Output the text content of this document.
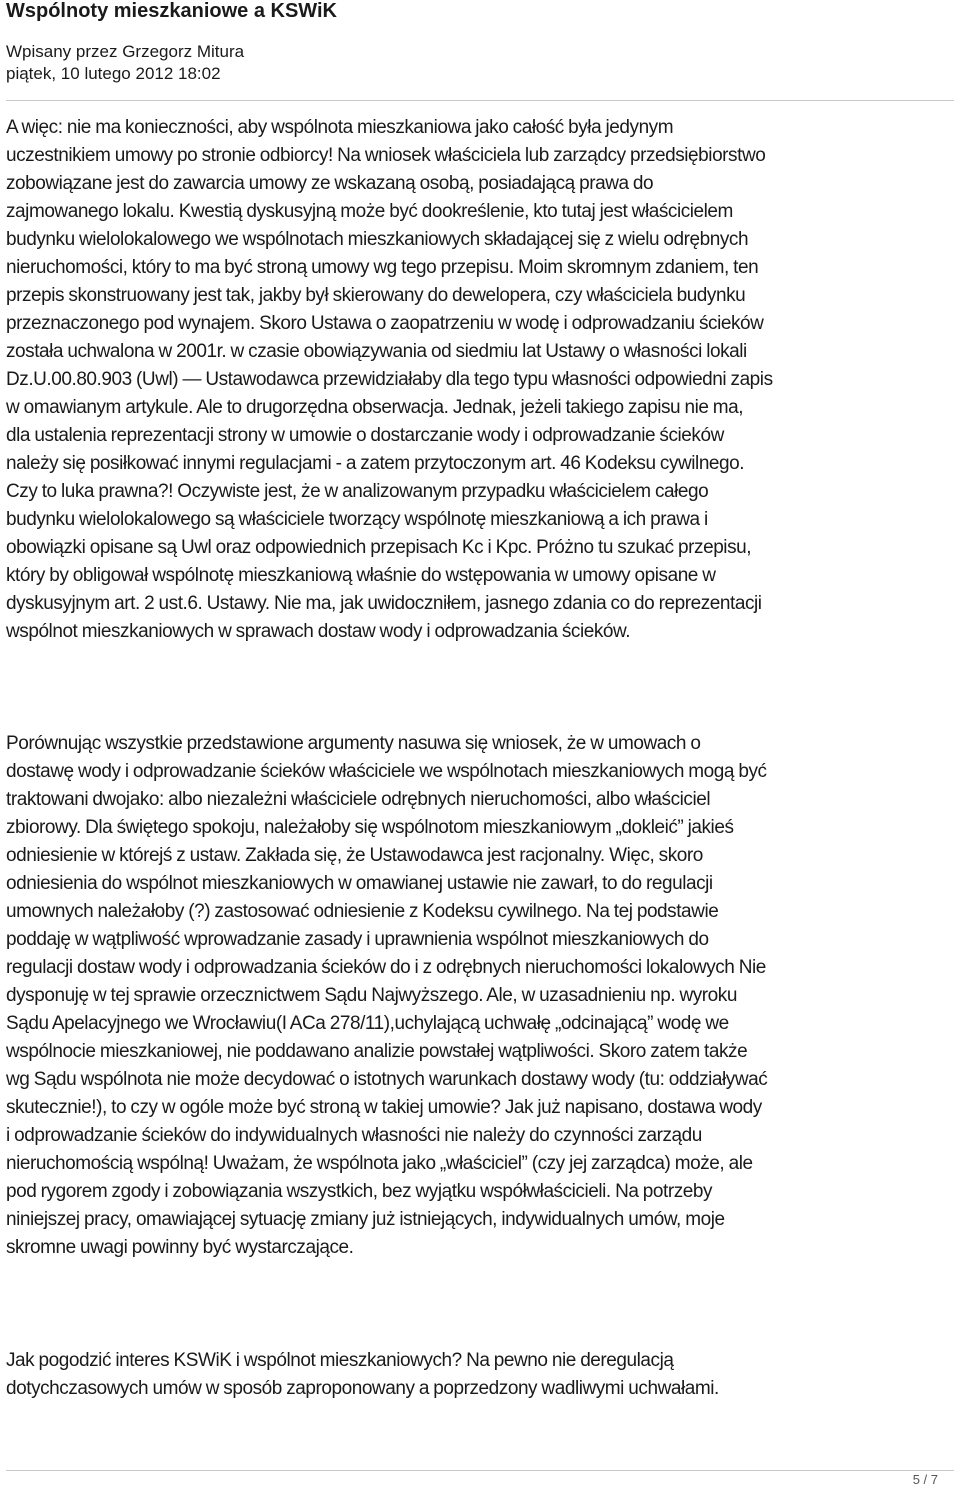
Wspólnoty mieszkaniowe a KSWiK
Wpisany przez Grzegorz Mitura
piątek, 10 lutego 2012 18:02

A więc: nie ma konieczności, aby wspólnota mieszkaniowa jako całość była jedynym
uczestnikiem umowy po stronie odbiorcy! Na wniosek właściciela lub zarządcy przedsiębiorstwo
zobowiązane jest do zawarcia umowy ze wskazaną osobą, posiadającą prawa do
zajmowanego lokalu. Kwestią dyskusyjną może być dookreślenie, kto tutaj jest właścicielem
budynku wielolokalowego we wspólnotach mieszkaniowych składającej się z wielu odrębnych
nieruchomości, który to ma być stroną umowy wg tego przepisu. Moim skromnym zdaniem, ten
przepis skonstruowany jest tak, jakby był skierowany do dewelopera, czy właściciela budynku
przeznaczonego pod wynajem. Skoro Ustawa o zaopatrzeniu w wodę i odprowadzaniu ścieków
została uchwalona w 2001r. w czasie obowiązywania od siedmiu lat Ustawy o własności lokali
Dz.U.00.80.903 (Uwl) ― Ustawodawca przewidziałaby dla tego typu własności odpowiedni zapis
w omawianym artykule. Ale to drugorzędna obserwacja. Jednak, jeżeli takiego zapisu nie ma,
dla ustalenia reprezentacji strony w umowie o dostarczanie wody i odprowadzanie ścieków
należy się posiłkować innymi regulacjami - a zatem przytoczonym art. 46 Kodeksu cywilnego.
Czy to luka prawna?! Oczywiste jest, że w analizowanym przypadku właścicielem całego
budynku wielolokalowego są właściciele tworzący wspólnotę mieszkaniową a ich prawa i
obowiązki opisane są Uwl oraz odpowiednich przepisach Kc i Kpc. Próżno tu szukać przepisu,
który by obligował wspólnotę mieszkaniową właśnie do wstępowania w umowy opisane w
dyskusyjnym art. 2 ust.6. Ustawy. Nie ma, jak uwidoczniłem, jasnego zdania co do reprezentacji
wspólnot mieszkaniowych w sprawach dostaw wody i odprowadzania ścieków.

Porównując wszystkie przedstawione argumenty nasuwa się wniosek, że w umowach o
dostawę wody i odprowadzanie ścieków właściciele we wspólnotach mieszkaniowych mogą być
traktowani dwojako: albo niezależni właściciele odrębnych nieruchomości, albo właściciel
zbiorowy. Dla świętego spokoju, należałoby się wspólnotom mieszkaniowym „dokleić” jakieś
odniesienie w którejś z ustaw. Zakłada się, że Ustawodawca jest racjonalny. Więc, skoro
odniesienia do wspólnot mieszkaniowych w omawianej ustawie nie zawarł, to do regulacji
umownych należałoby (?) zastosować odniesienie z Kodeksu cywilnego. Na tej podstawie
poddaję w wątpliwość wprowadzanie zasady i uprawnienia wspólnot mieszkaniowych do
regulacji dostaw wody i odprowadzania ścieków do i z odrębnych nieruchomości lokalowych Nie
dysponuję w tej sprawie orzecznictwem Sądu Najwyższego. Ale, w uzasadnieniu np. wyroku
Sądu Apelacyjnego we Wrocławiu(I ACa 278/11),uchylającą uchwałę „odcinającą” wodę we
wspólnocie mieszkaniowej, nie poddawano analizie powstałej wątpliwości. Skoro zatem także
wg Sądu wspólnota nie może decydować o istotnych warunkach dostawy wody (tu: oddziaływać
skutecznie!), to czy w ogóle może być stroną w takiej umowie? Jak już napisano, dostawa wody
i odprowadzanie ścieków do indywidualnych własności nie należy do czynności zarządu
nieruchomością wspólną! Uważam, że wspólnota jako „właściciel” (czy jej zarządca) może, ale
pod rygorem zgody i zobowiązania wszystkich, bez wyjątku współwłaścicieli. Na potrzeby
niniejszej pracy, omawiającej sytuację zmiany już istniejących, indywidualnych umów, moje
skromne uwagi powinny być wystarczające.

Jak pogodzić interes KSWiK i wspólnot mieszkaniowych? Na pewno nie deregulacją
dotychczasowych umów w sposób zaproponowany a poprzedzony wadliwymi uchwałami.

5 / 7
